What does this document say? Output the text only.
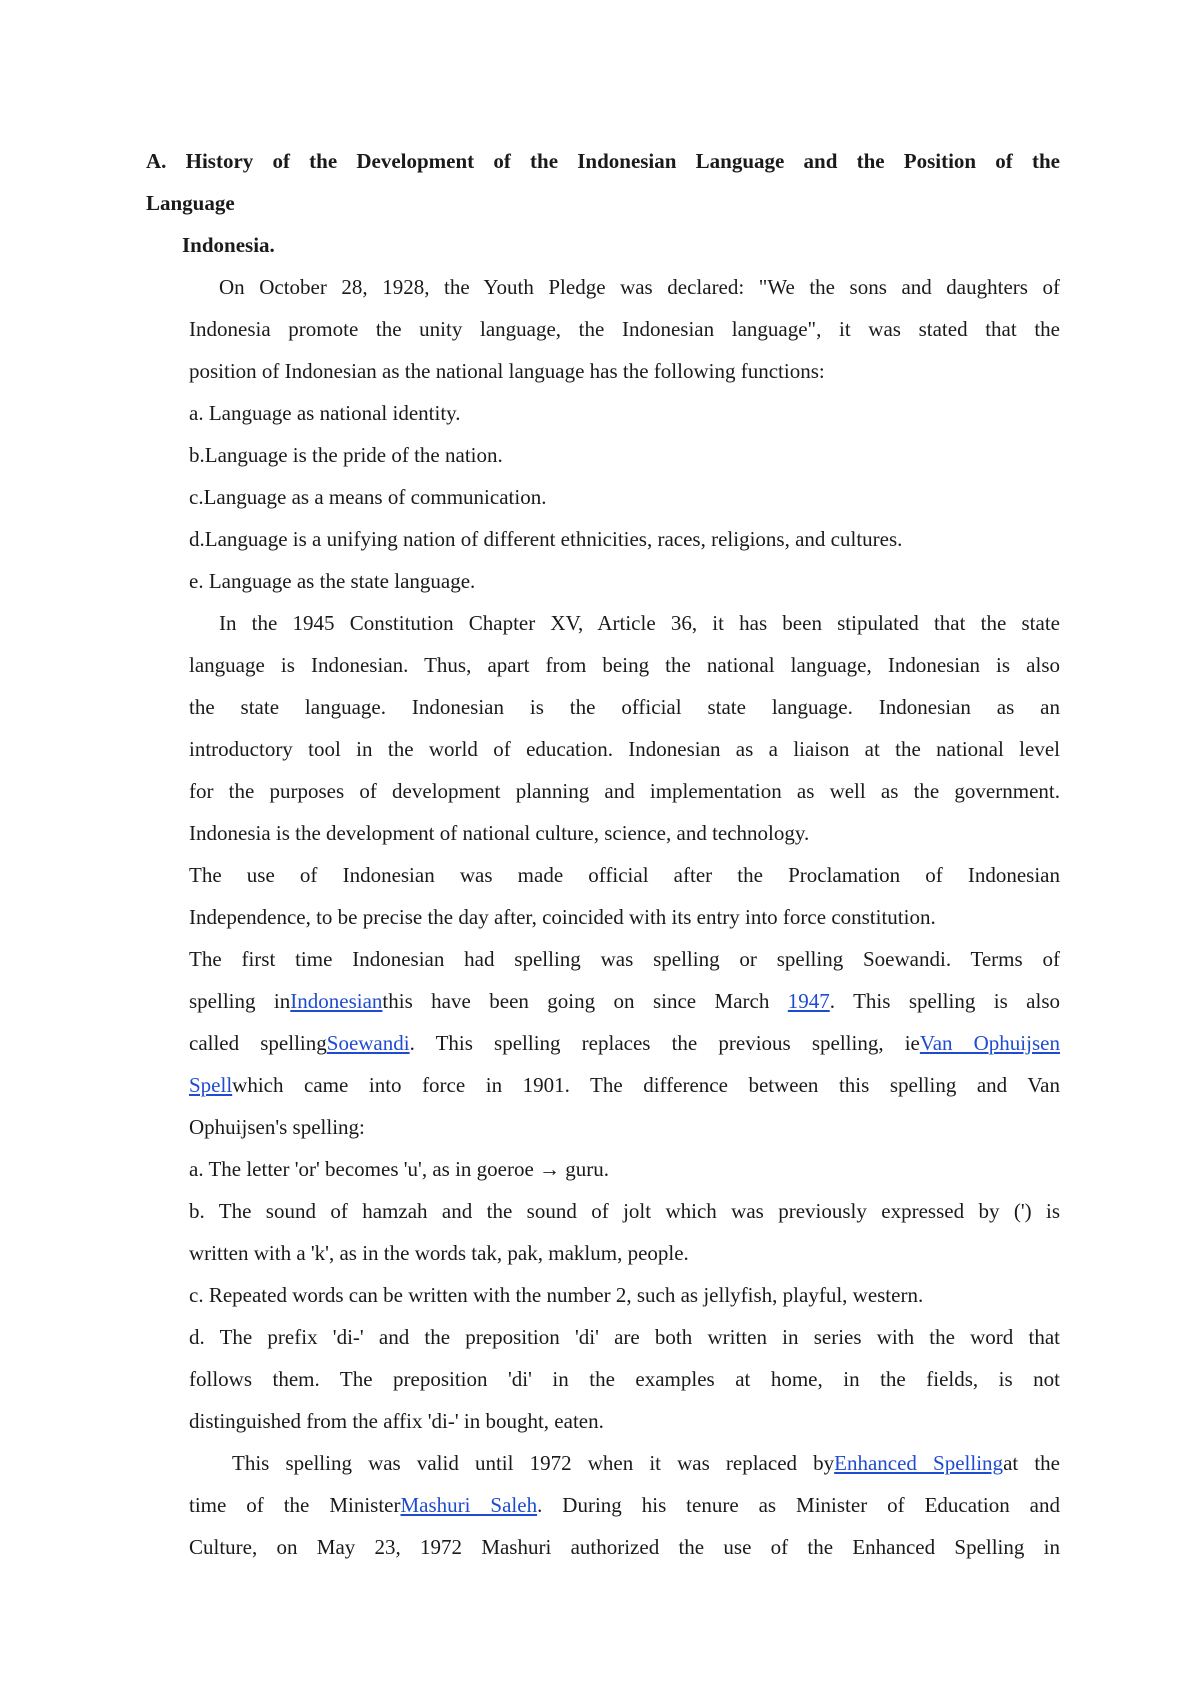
A. History of the Development of the Indonesian Language and the Position of the
Language
Indonesia.
On October 28, 1928, the Youth Pledge was declared: "We the sons and daughters of
Indonesia promote the unity language, the Indonesian language", it was stated that the
position of Indonesian as the national language has the following functions:
a. Language as national identity.
b.Language is the pride of the nation.
c.Language as a means of communication.
d.Language is a unifying nation of different ethnicities, races, religions, and cultures.
e. Language as the state language.
In the 1945 Constitution Chapter XV, Article 36, it has been stipulated that the state
language is Indonesian. Thus, apart from being the national language, Indonesian is also
the state language. Indonesian is the official state language. Indonesian as an
introductory tool in the world of education. Indonesian as a liaison at the national level
for the purposes of development planning and implementation as well as the government.
Indonesia is the development of national culture, science, and technology.
The use of Indonesian was made official after the Proclamation of Indonesian
Independence, to be precise the day after, coincided with its entry into force constitution.
The first time Indonesian had spelling was spelling or spelling Soewandi. Terms of
spelling inIndonesianthis have been going on since March 1947. This spelling is also
called spellingSoewandi. This spelling replaces the previous spelling, ieVan Ophuijsen
Spellwhich came into force in 1901. The difference between this spelling and Van
Ophuijsen's spelling:
a. The letter 'or' becomes 'u', as in goeroe → guru.
b. The sound of hamzah and the sound of jolt which was previously expressed by (') is
written with a 'k', as in the words tak, pak, maklum, people.
c. Repeated words can be written with the number 2, such as jellyfish, playful, western.
d. The prefix 'di-' and the preposition 'di' are both written in series with the word that
follows them. The preposition 'di' in the examples at home, in the fields, is not
distinguished from the affix 'di-' in bought, eaten.
This spelling was valid until 1972 when it was replaced byEnhanced Spellingat the
time of the MinisterMashuri Saleh. During his tenure as Minister of Education and
Culture, on May 23, 1972 Mashuri authorized the use of the Enhanced Spelling in
